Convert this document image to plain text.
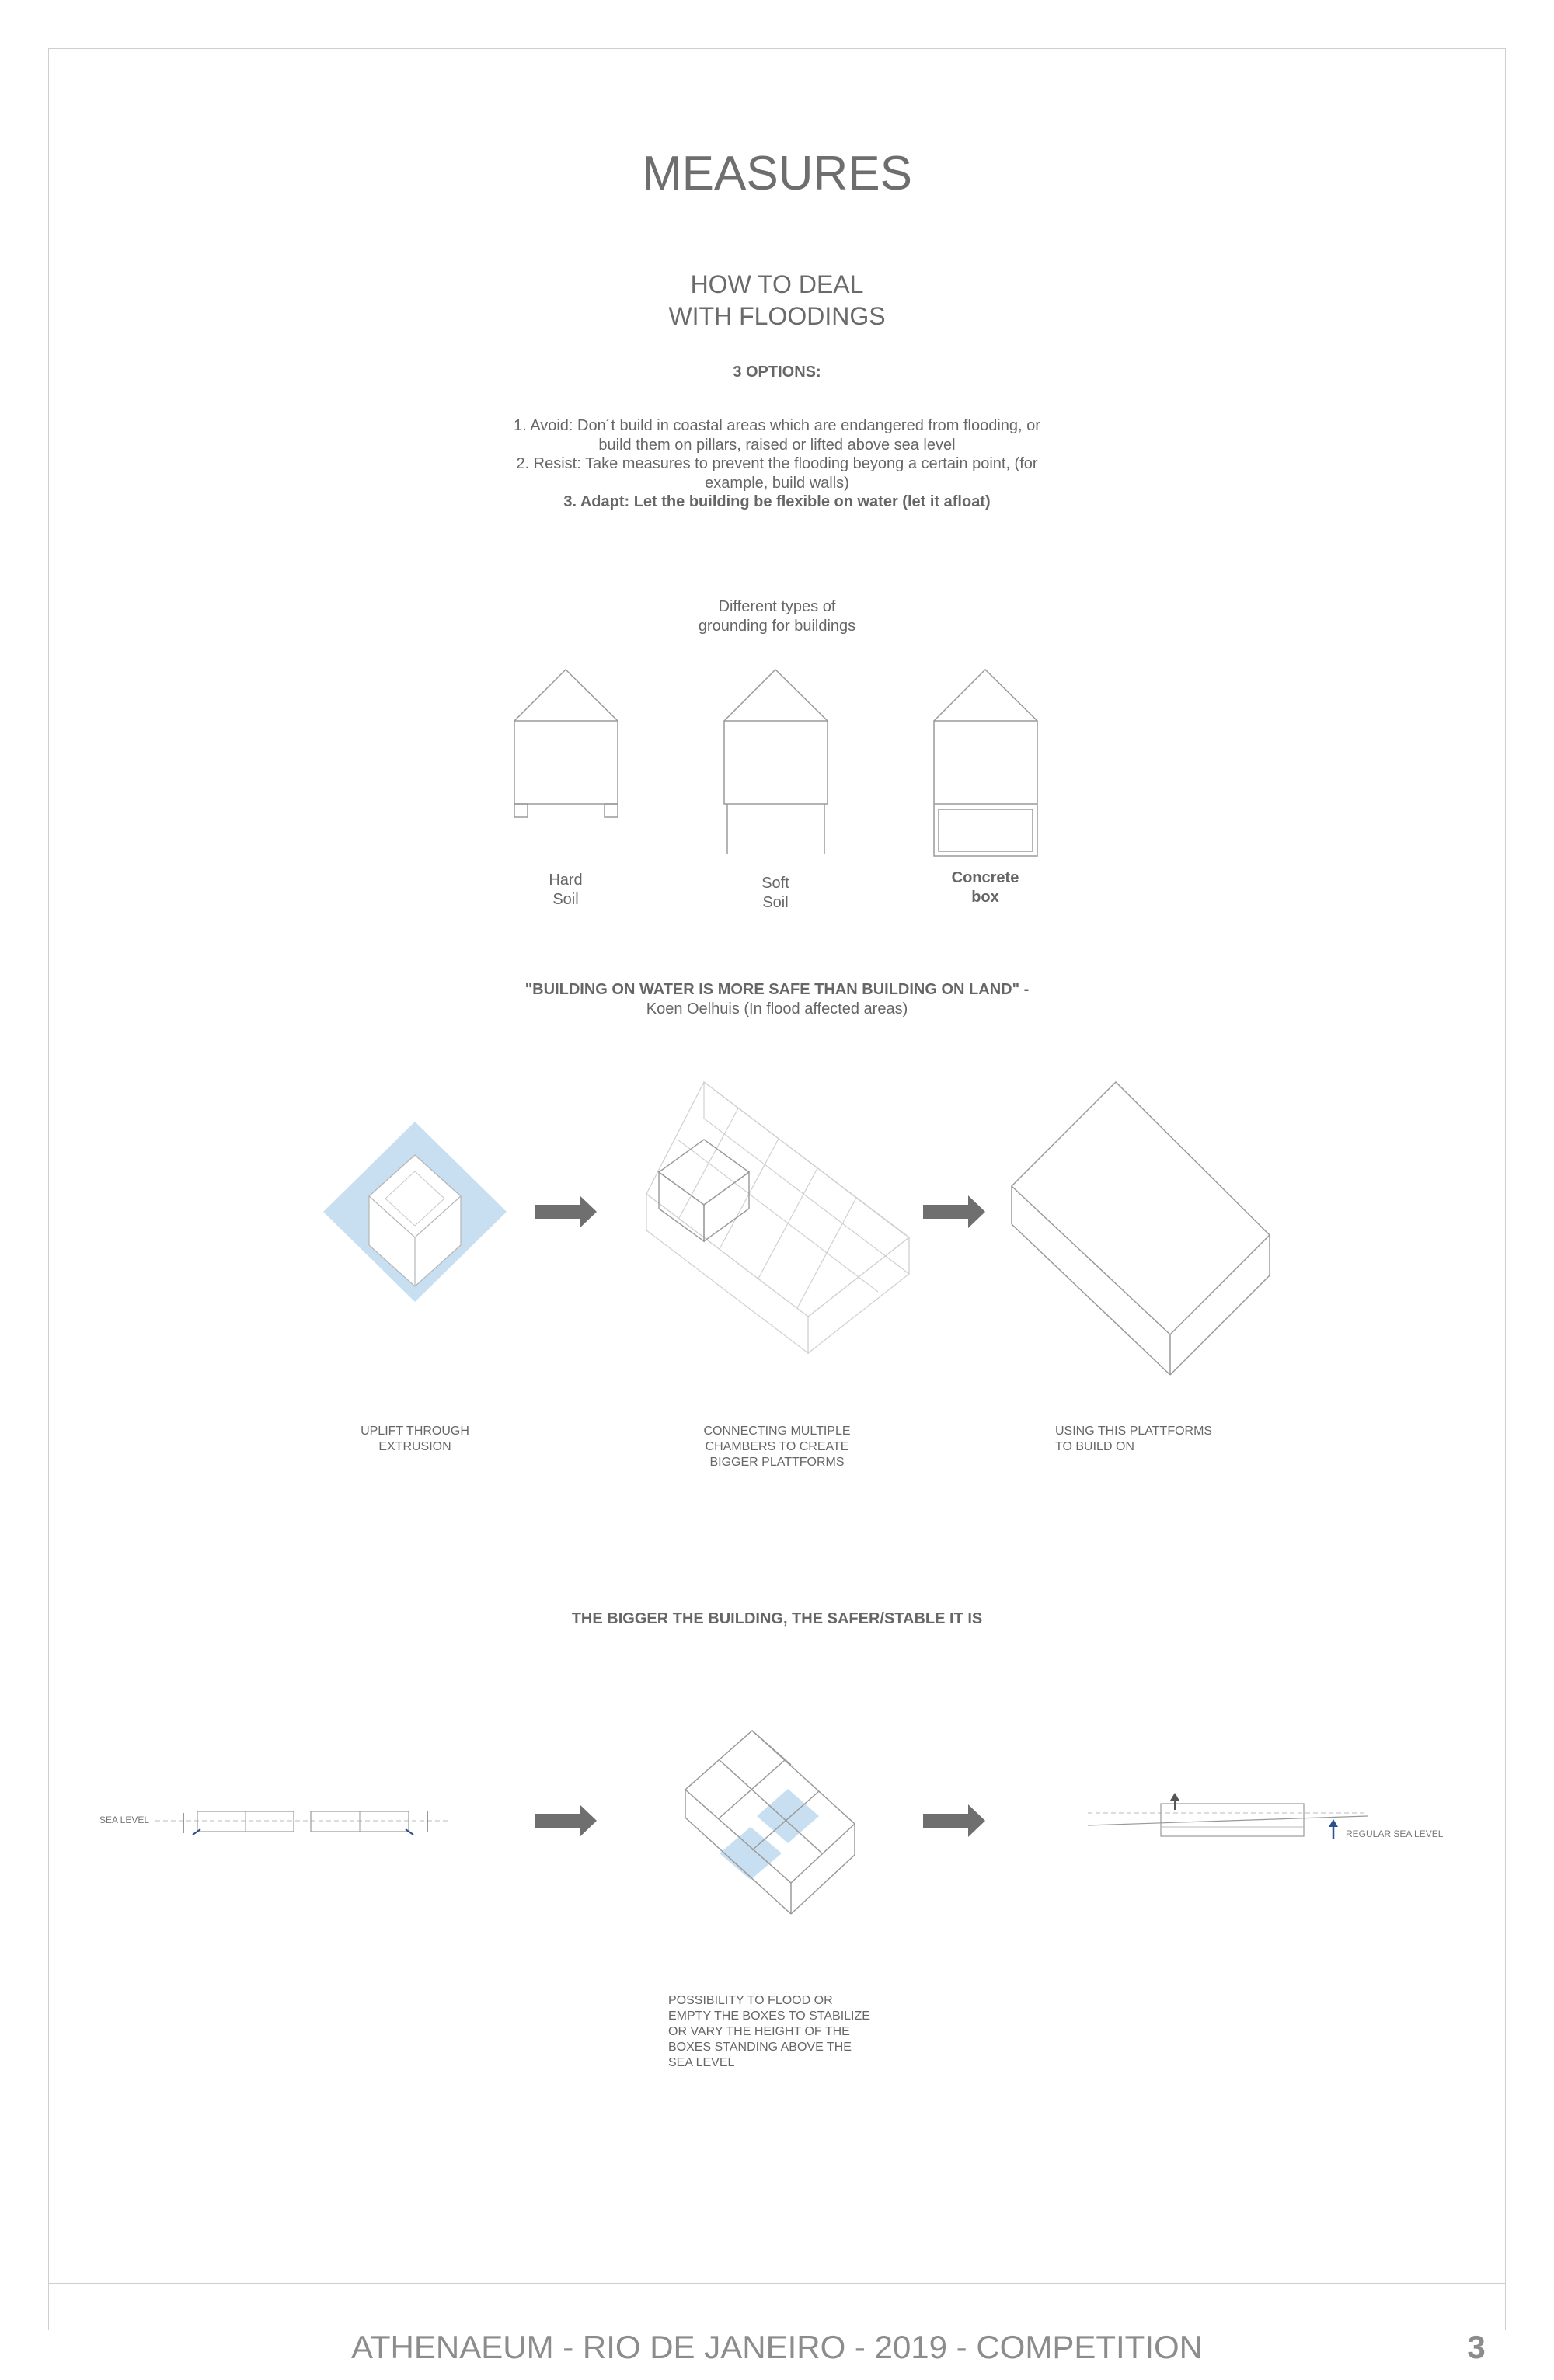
MEASURES
HOW TO DEAL
WITH FLOODINGS
3 OPTIONS:
1. Avoid: Don´t build in coastal areas which are endangered from flooding, or
build them on pillars, raised or lifted above sea level
2. Resist: Take measures to prevent the flooding beyong a certain point, (for
example, build walls)
3. Adapt: Let the building be flexible on water (let it afloat)
Different types of
grounding for buildings
Hard
Soil
Soft
Soil
Concrete
box
"BUILDING ON WATER IS MORE SAFE THAN BUILDING ON LAND" -
Koen Oelhuis (In flood affected areas)
UPLIFT THROUGH
EXTRUSION
CONNECTING MULTIPLE
CHAMBERS TO CREATE
BIGGER PLATTFORMS
USING THIS PLATTFORMS
TO BUILD ON
THE BIGGER THE BUILDING, THE SAFER/STABLE IT IS
SEA LEVEL
REGULAR SEA LEVEL
POSSIBILITY TO FLOOD OR
EMPTY THE BOXES TO STABILIZE
OR VARY THE HEIGHT OF THE
BOXES STANDING ABOVE THE
SEA LEVEL
ATHENAEUM - RIO DE JANEIRO - 2019 - COMPETITION	3
